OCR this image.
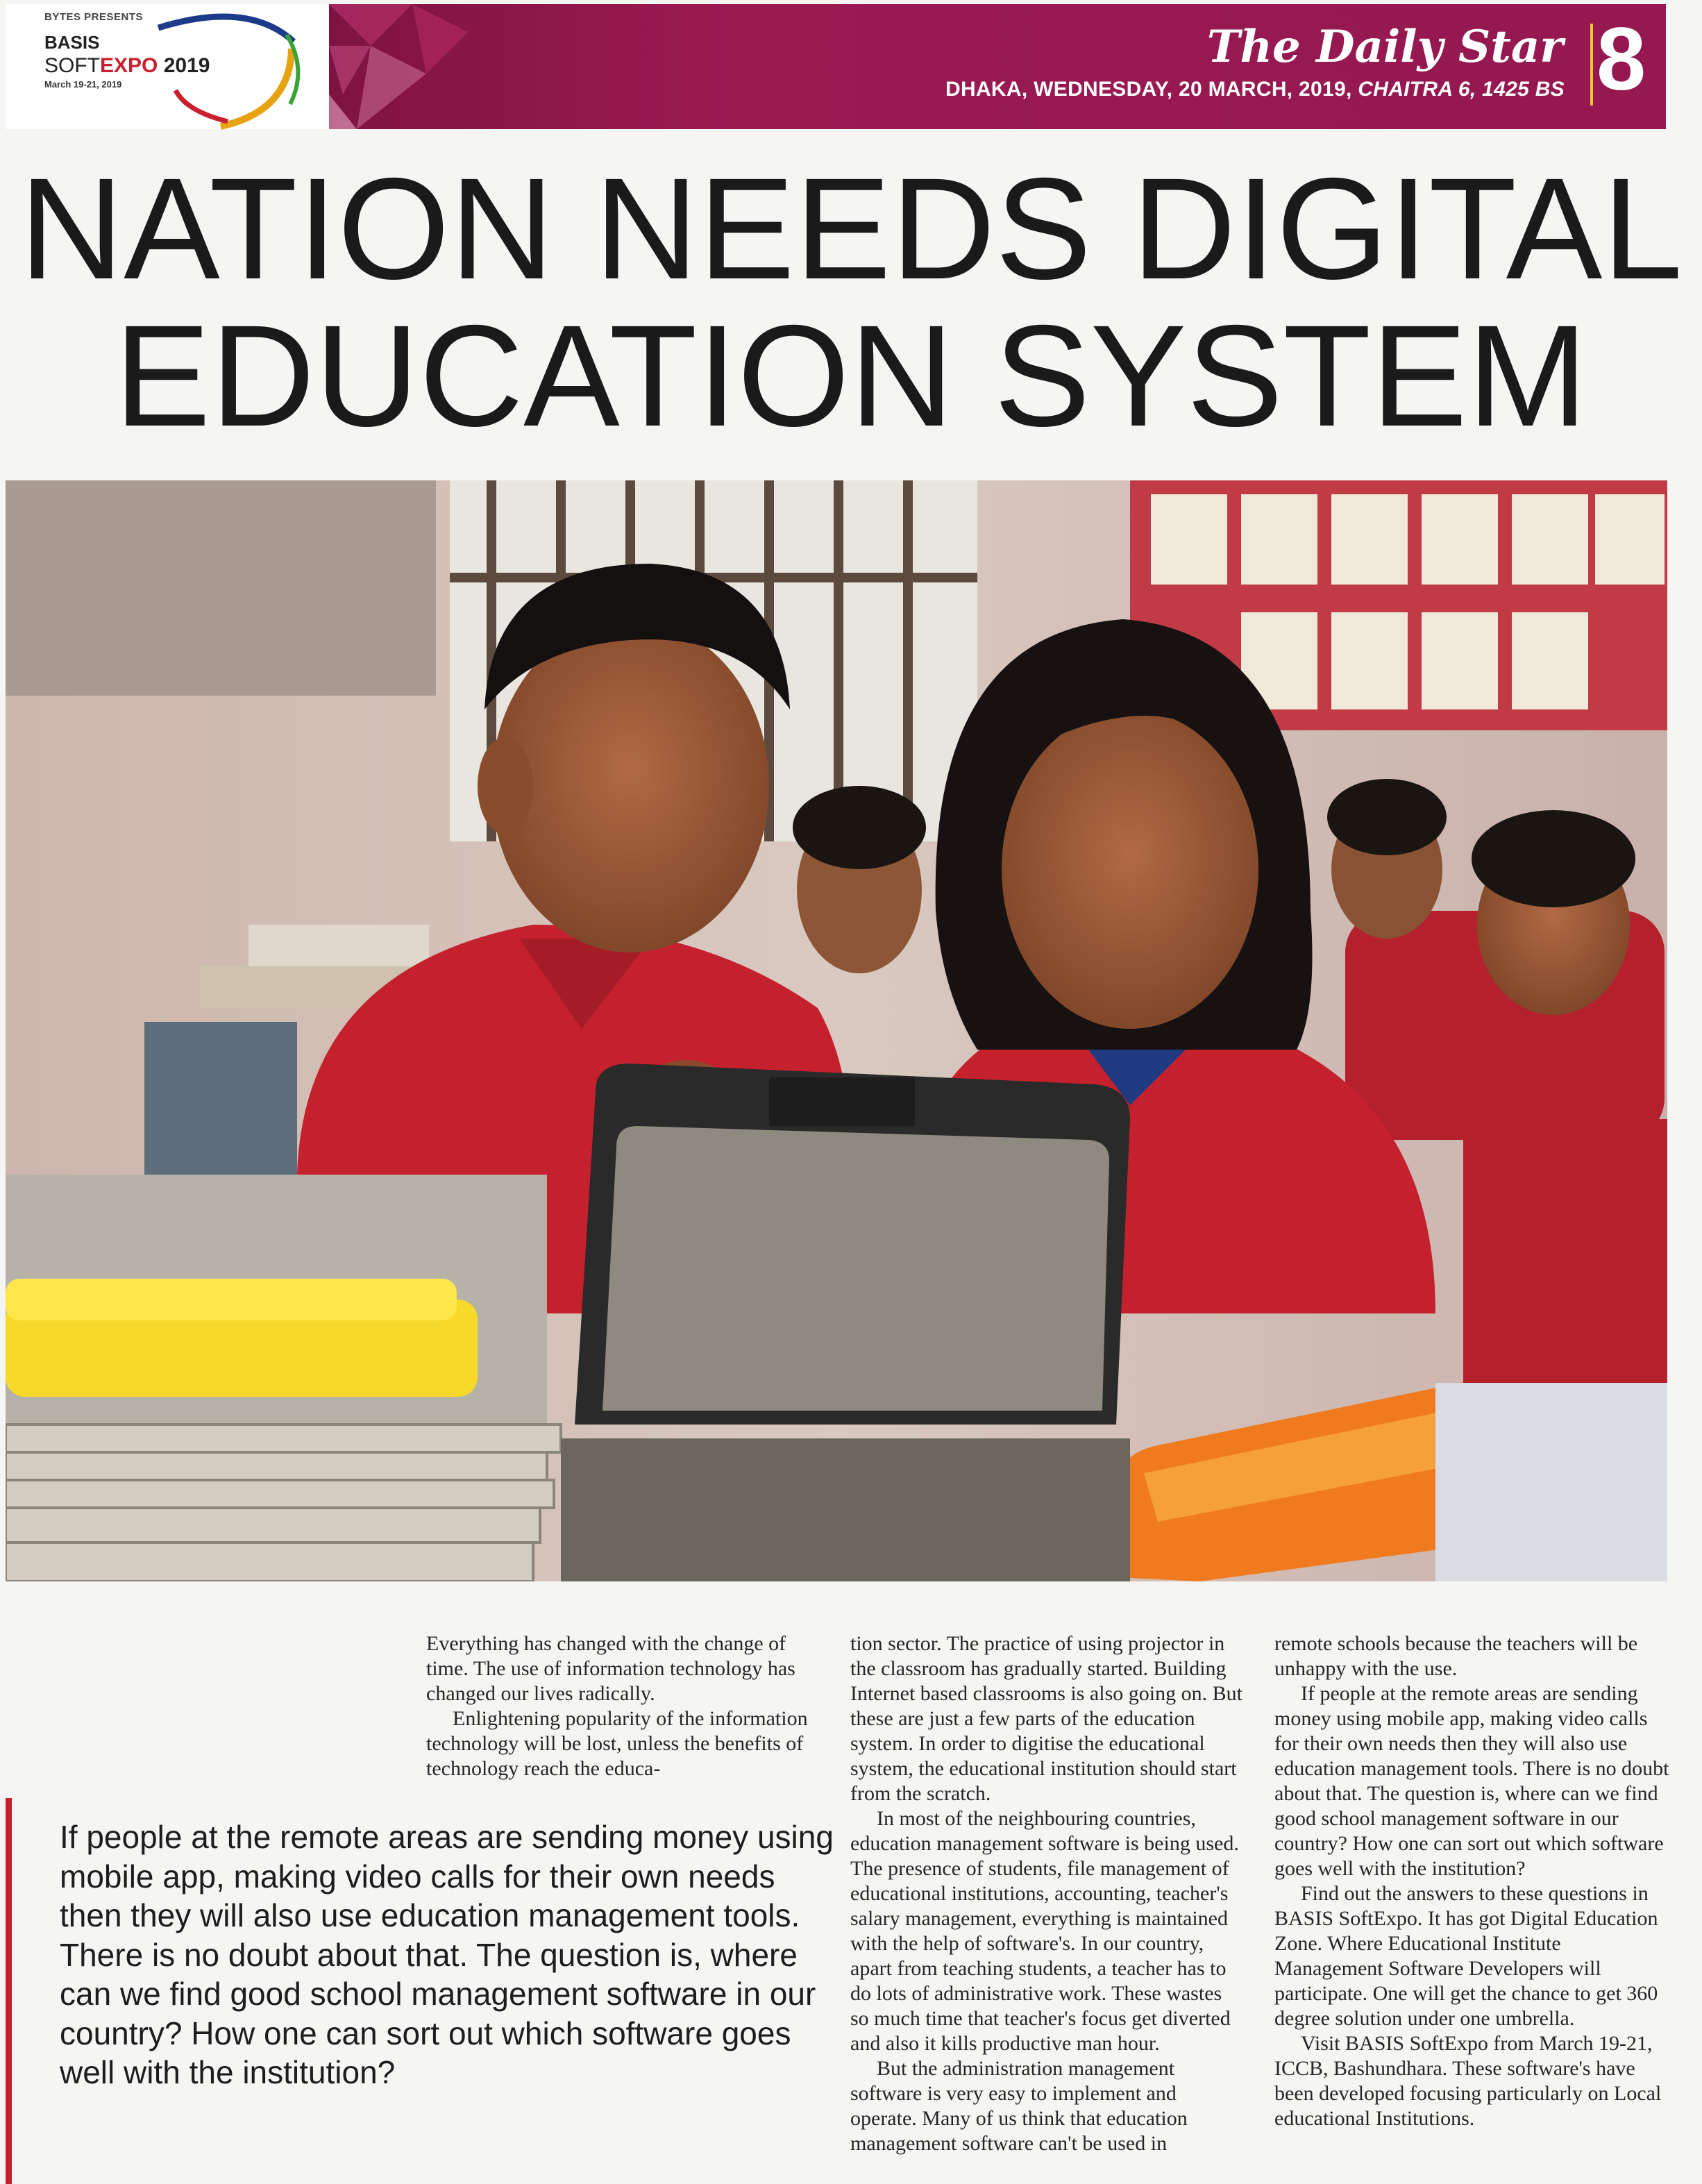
BYTES PRESENTS
BASIS
SOFTEXPO 2019
March 19-21, 2019
The Daily Star
DHAKA, WEDNESDAY, 20 MARCH, 2019, CHAITRA 6, 1425 BS 8
NATION NEEDS DIGITAL
EDUCATION SYSTEM

Everything has changed with the change of time. The use of information technology has changed our lives radically.

Enlightening popularity of the information technology will be lost, unless the benefits of technology reach the educa-

tion sector. The practice of using projector in the classroom has gradually started. Building Internet based classrooms is also going on. But these are just a few parts of the education system. In order to digitise the educational system, the educational institution should start from the scratch.

In most of the neighbouring countries, education management software is being used. The presence of students, file management of educational institutions, accounting, teacher's salary management, everything is maintained with the help of software's. In our country, apart from teaching students, a teacher has to do lots of administrative work. These wastes so much time that teacher's focus get diverted and also it kills productive man hour.

But the administration management software is very easy to implement and operate. Many of us think that education management software can't be used in

remote schools because the teachers will be unhappy with the use.

If people at the remote areas are sending money using mobile app, making video calls for their own needs then they will also use education management tools. There is no doubt about that. The question is, where can we find good school management software in our country? How one can sort out which software goes well with the institution?

Find out the answers to these questions in BASIS SoftExpo. It has got Digital Education Zone. Where Educational Institute Management Software Developers will participate. One will get the chance to get 360 degree solution under one umbrella.

Visit BASIS SoftExpo from March 19-21, ICCB, Bashundhara. These software's have been developed focusing particularly on Local educational Institutions.

If people at the remote areas are sending money using mobile app, making video calls for their own needs then they will also use education management tools. There is no doubt about that. The question is, where can we find good school management software in our country? How one can sort out which software goes well with the institution?
